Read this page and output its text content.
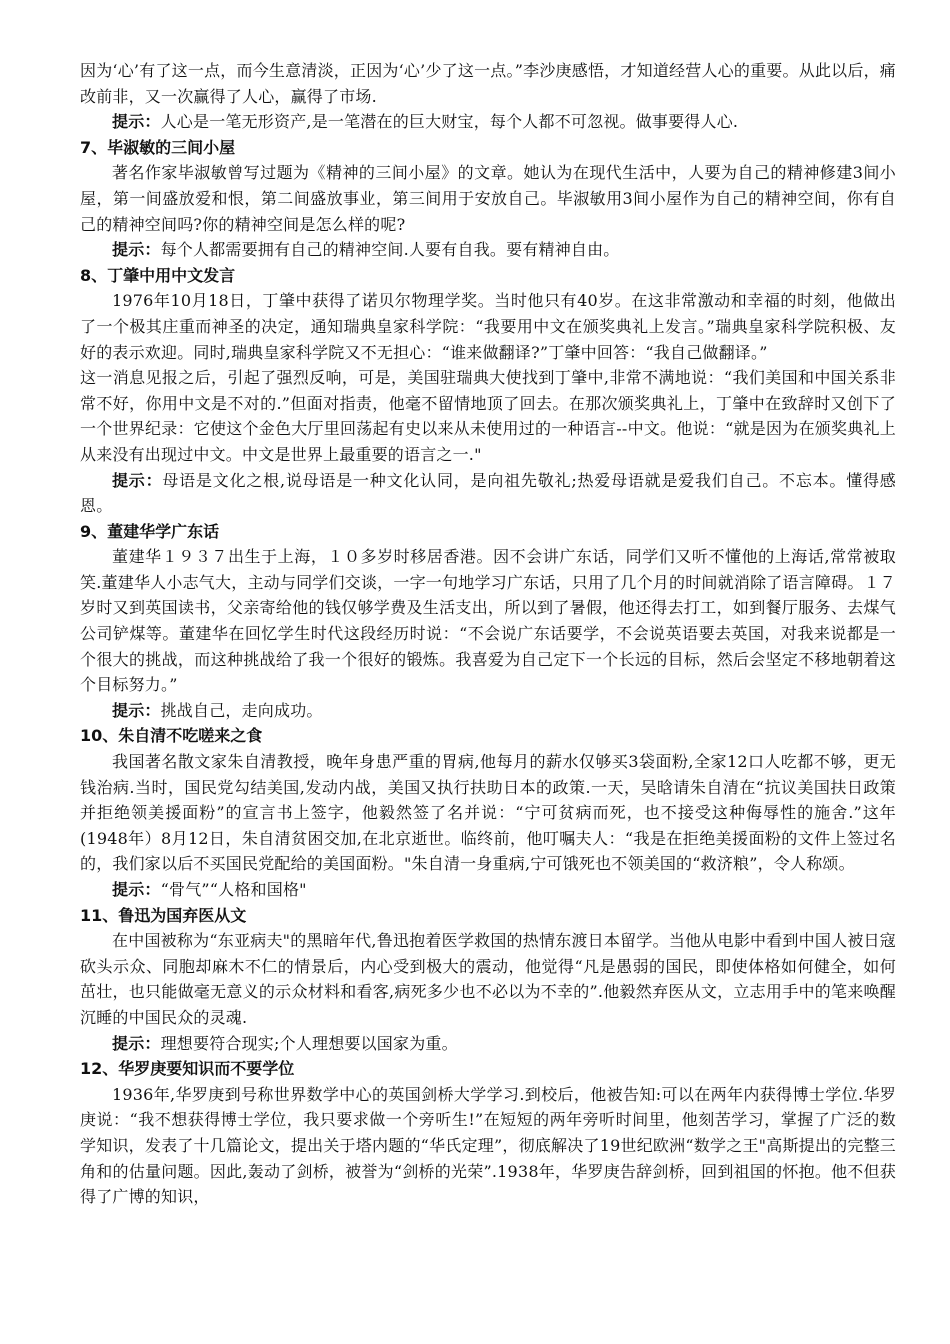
因为‘心’有了这一点，而今生意清淡，正因为‘心’少了这一点。”李沙庚感悟，才知道经营人心的重要。从此以后，痛改前非，又一次赢得了人心，赢得了市场.

提示：人心是一笔无形资产,是一笔潜在的巨大财宝，每个人都不可忽视。做事要得人心.

7、毕淑敏的三间小屋

著名作家毕淑敏曾写过题为《精神的三间小屋》的文章。她认为在现代生活中，人要为自己的精神修建3间小屋，第一间盛放爱和恨，第二间盛放事业，第三间用于安放自己。毕淑敏用3间小屋作为自己的精神空间，你有自己的精神空间吗?你的精神空间是怎么样的呢?

提示：每个人都需要拥有自己的精神空间.人要有自我。要有精神自由。

8、丁肇中用中文发言

1976年10月18日，丁肇中获得了诺贝尔物理学奖。当时他只有40岁。在这非常激动和幸福的时刻，他做出了一个极其庄重而神圣的决定，通知瑞典皇家科学院：“我要用中文在颁奖典礼上发言。”瑞典皇家科学院积极、友好的表示欢迎。同时,瑞典皇家科学院又不无担心：“谁来做翻译?”丁肇中回答：“我自己做翻译。”

这一消息见报之后，引起了强烈反响，可是，美国驻瑞典大使找到丁肇中,非常不满地说：“我们美国和中国关系非常不好，你用中文是不对的.”但面对指责，他毫不留情地顶了回去。在那次颁奖典礼上，丁肇中在致辞时又创下了一个世界纪录：它使这个金色大厅里回荡起有史以来从未使用过的一种语言--中文。他说：“就是因为在颁奖典礼上从来没有出现过中文。中文是世界上最重要的语言之一."

提示：母语是文化之根,说母语是一种文化认同，是向祖先敬礼;热爱母语就是爱我们自己。不忘本。懂得感恩。

9、董建华学广东话

董建华１９３７出生于上海，１０多岁时移居香港。因不会讲广东话，同学们又听不懂他的上海话,常常被取笑.董建华人小志气大，主动与同学们交谈，一字一句地学习广东话，只用了几个月的时间就消除了语言障碍。１７岁时又到英国读书，父亲寄给他的钱仅够学费及生活支出，所以到了暑假，他还得去打工，如到餐厅服务、去煤气公司铲煤等。董建华在回忆学生时代这段经历时说：“不会说广东话要学，不会说英语要去英国，对我来说都是一个很大的挑战，而这种挑战给了我一个很好的锻炼。我喜爱为自己定下一个长远的目标，然后会坚定不移地朝着这个目标努力。”

提示：挑战自己，走向成功。

10、朱自清不吃嗟来之食

我国著名散文家朱自清教授，晚年身患严重的胃病,他每月的薪水仅够买3袋面粉,全家12口人吃都不够，更无钱治病.当时，国民党勾结美国,发动内战，美国又执行扶助日本的政策.一天，吴晗请朱自清在“抗议美国扶日政策并拒绝领美援面粉”的宣言书上签字，他毅然签了名并说：“宁可贫病而死，也不接受这种侮辱性的施舍.”这年(1948年）8月12日，朱自清贫困交加,在北京逝世。临终前，他叮嘱夫人：“我是在拒绝美援面粉的文件上签过名的，我们家以后不买国民党配给的美国面粉。"朱自清一身重病,宁可饿死也不领美国的“救济粮”，令人称颂。

提示：“骨气”“人格和国格"

11、鲁迅为国弃医从文

在中国被称为“东亚病夫"的黑暗年代,鲁迅抱着医学救国的热情东渡日本留学。当他从电影中看到中国人被日寇砍头示众、同胞却麻木不仁的情景后，内心受到极大的震动，他觉得“凡是愚弱的国民，即使体格如何健全，如何茁壮，也只能做毫无意义的示众材料和看客,病死多少也不必以为不幸的”.他毅然弃医从文，立志用手中的笔来唤醒沉睡的中国民众的灵魂.

提示：理想要符合现实;个人理想要以国家为重。

12、华罗庚要知识而不要学位

1936年,华罗庚到号称世界数学中心的英国剑桥大学学习.到校后，他被告知:可以在两年内获得博士学位.华罗庚说：“我不想获得博士学位，我只要求做一个旁听生!”在短短的两年旁听时间里，他刻苦学习，掌握了广泛的数学知识，发表了十几篇论文，提出关于塔内题的“华氏定理”，彻底解决了19世纪欧洲“数学之王"高斯提出的完整三角和的估量问题。因此,轰动了剑桥，被誉为“剑桥的光荣”.1938年，华罗庚告辞剑桥，回到祖国的怀抱。他不但获得了广博的知识，
